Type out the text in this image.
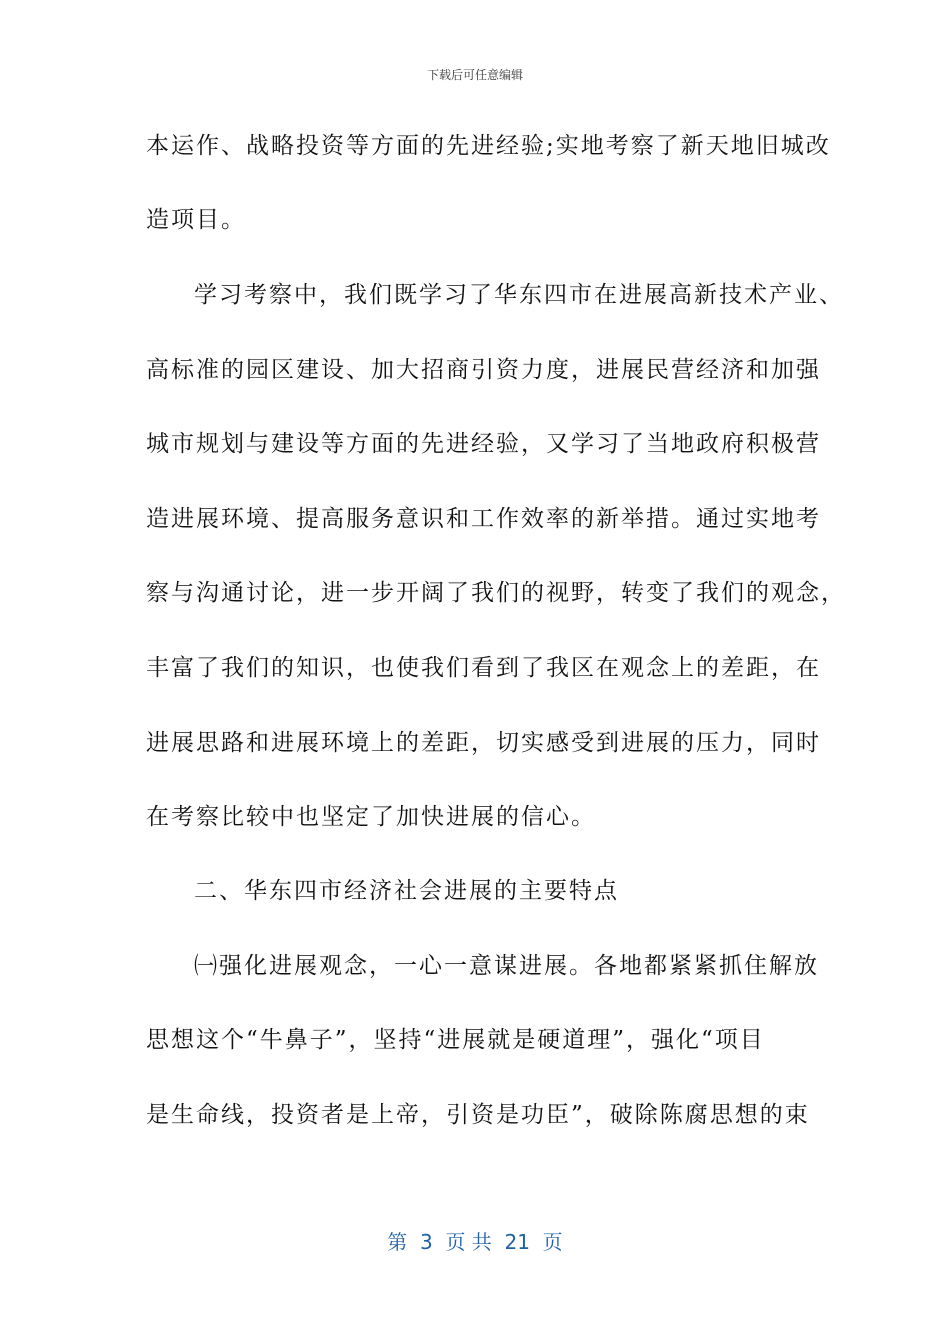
下载后可任意编辑
本运作、战略投资等方面的先进经验;实地考察了新天地旧城改
造项目。
学习考察中，我们既学习了华东四市在进展高新技术产业、
高标准的园区建设、加大招商引资力度，进展民营经济和加强
城市规划与建设等方面的先进经验，又学习了当地政府积极营
造进展环境、提高服务意识和工作效率的新举措。通过实地考
察与沟通讨论，进一步开阔了我们的视野，转变了我们的观念，
丰富了我们的知识，也使我们看到了我区在观念上的差距，在
进展思路和进展环境上的差距，切实感受到进展的压力，同时
在考察比较中也坚定了加快进展的信心。
二、华东四市经济社会进展的主要特点
㈠强化进展观念，一心一意谋进展。各地都紧紧抓住解放
思想这个“牛鼻子”，坚持“进展就是硬道理”，强化“项目
是生命线，投资者是上帝，引资是功臣”，破除陈腐思想的束
第  3  页 共  21  页
